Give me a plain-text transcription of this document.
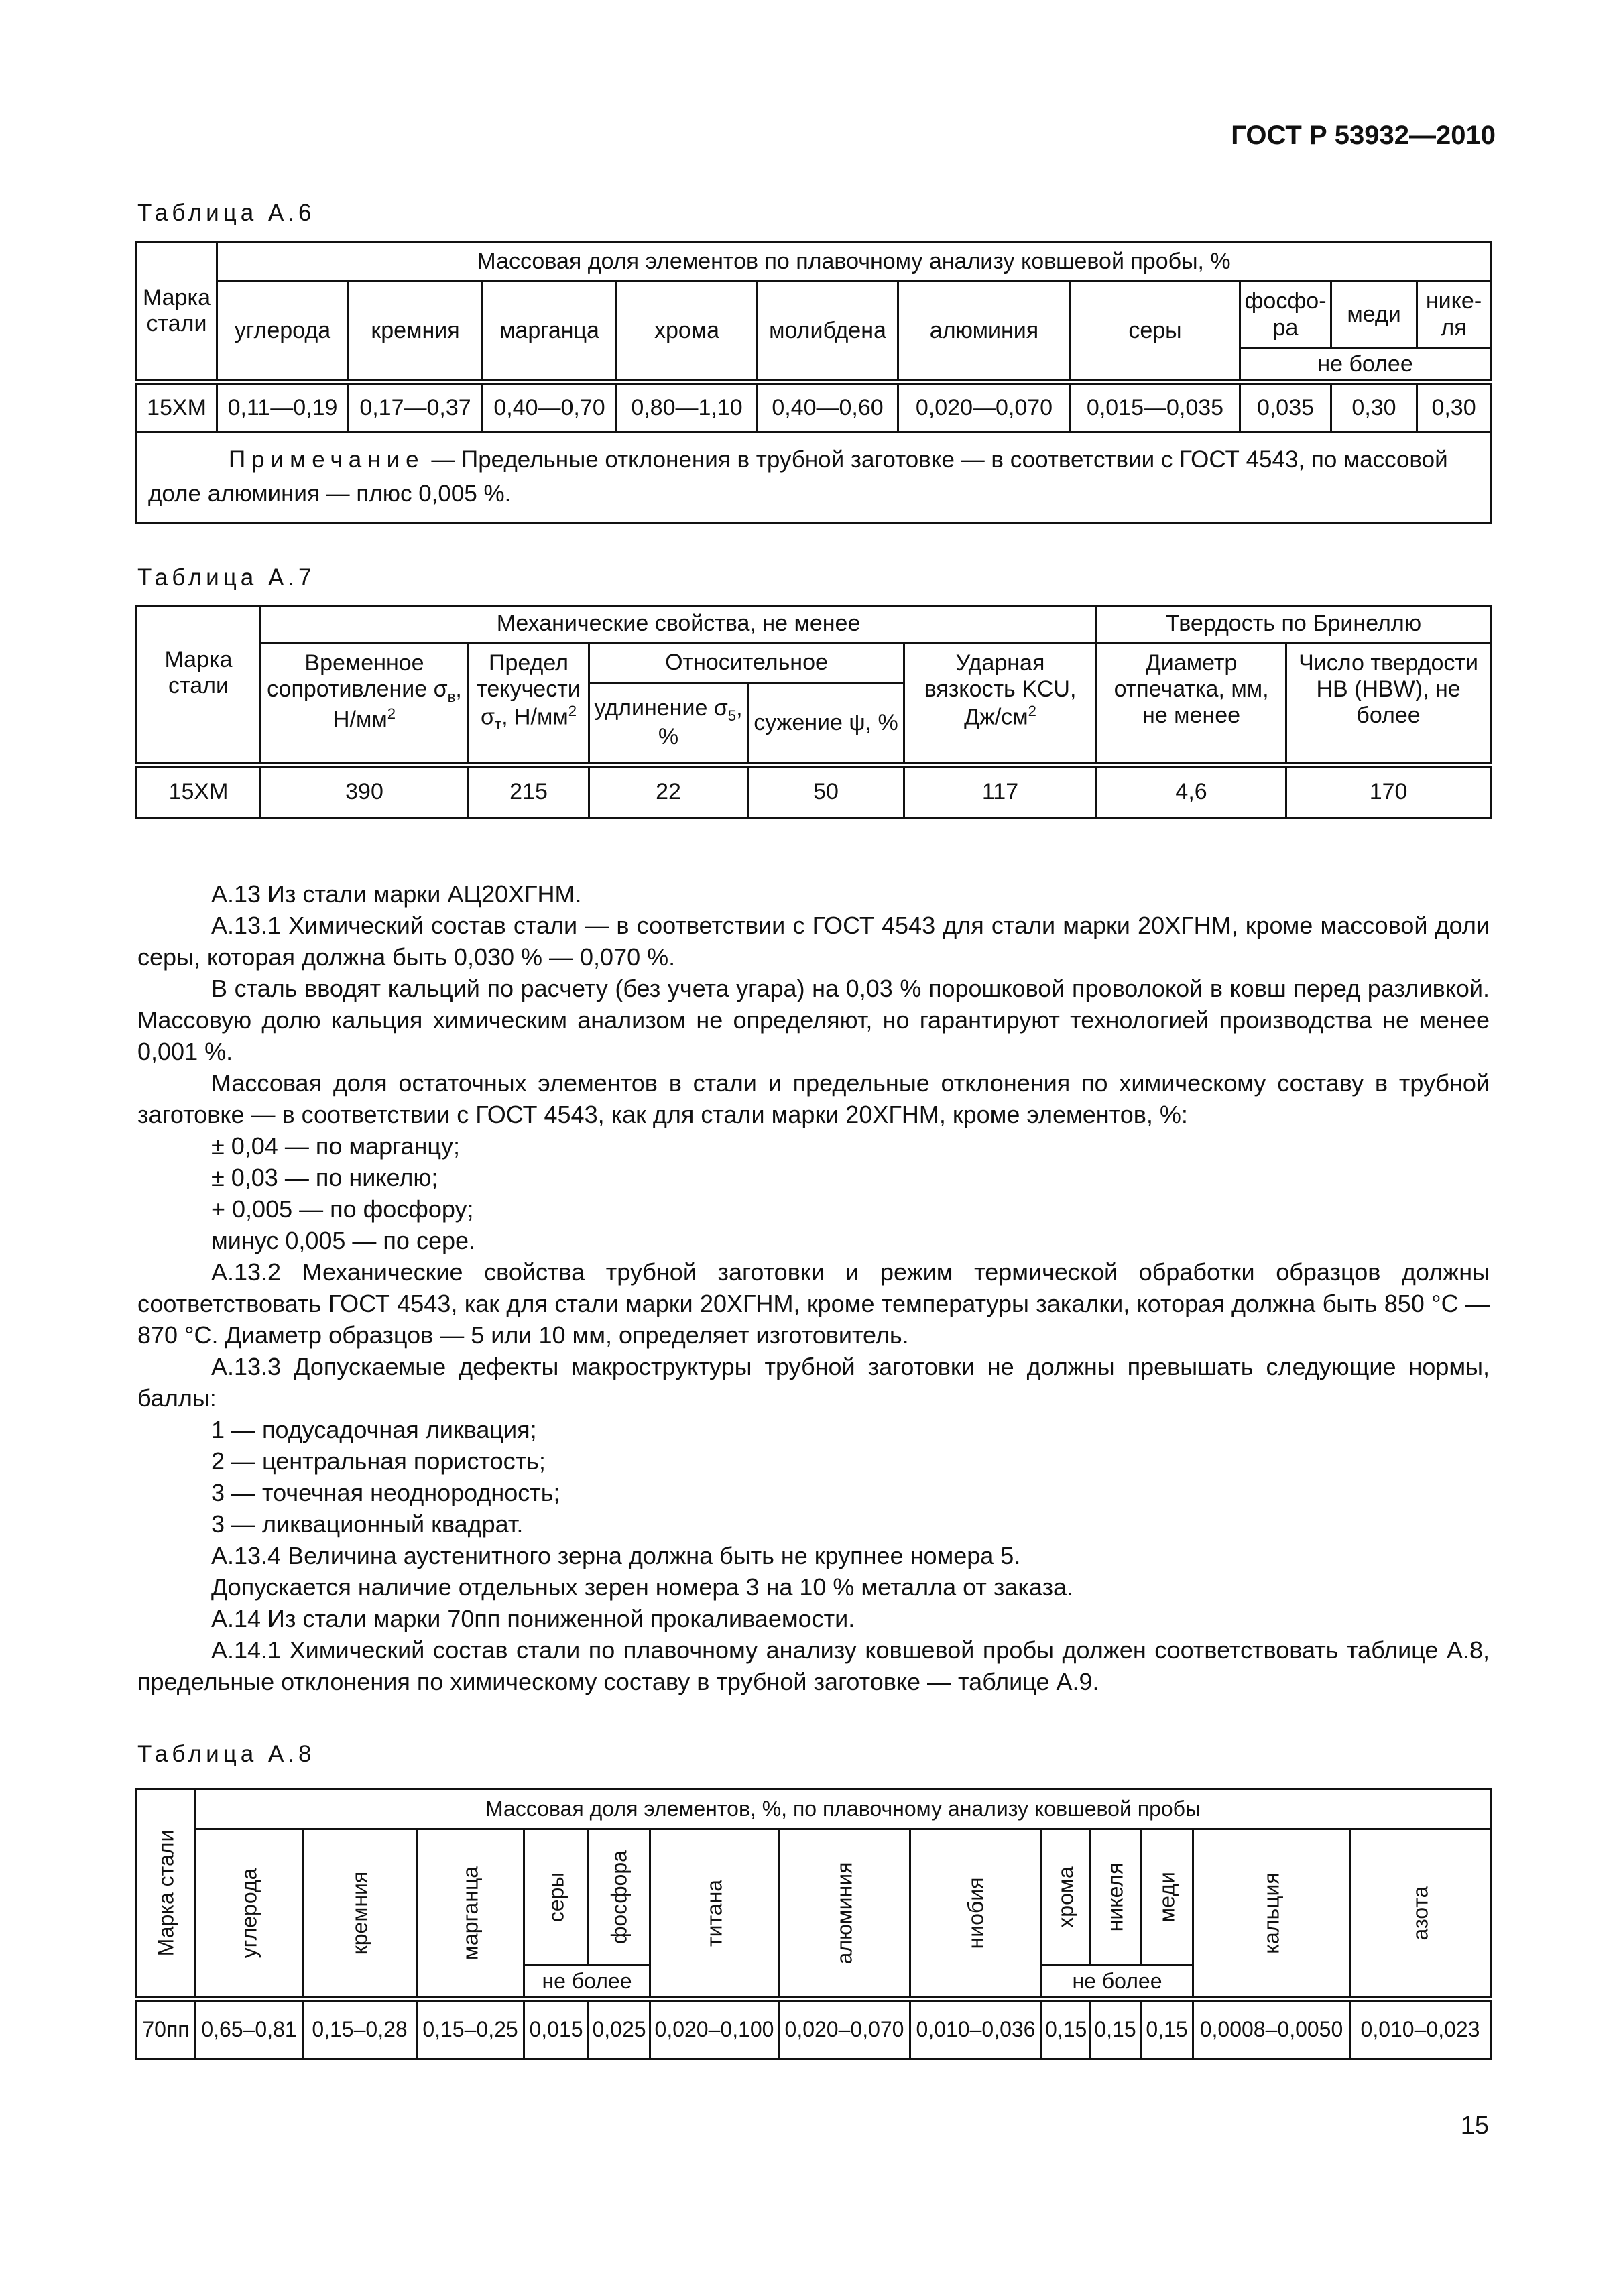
ГОСТ Р 53932—2010
Таблица А.6
Марка стали	Массовая доля элементов по плавочному анализу ковшевой пробы, %									
	углерода	кремния	марганца	хрома	молибдена	алюминия	серы	фосфо-ра	меди	нике-ля
								не более		
15ХМ	0,11—0,19	0,17—0,37	0,40—0,70	0,80—1,10	0,40—0,60	0,020—0,070	0,015—0,035	0,035	0,30	0,30
Примечание — Предельные отклонения в трубной заготовке — в соответствии с ГОСТ 4543, по массовой доле алюминия — плюс 0,005 %.										
Таблица А.7
Марка стали	Механические свойства, не менее					Твердость по Бринеллю	
	Временное сопротивление $\sigma_в$, $Н/мм^2$	Предел текучести $\sigma_т$, $Н/мм^2$	Относительное		Ударная вязкость KCU, $Дж/см^2$	Диаметр отпечатка, мм, не менее	Число твердости НВ (HBW), не более
			удлинение $\sigma_5$, %	сужение ψ, %			
15ХМ	390	215	22	50	117	4,6	170

А.13 Из стали марки АЦ20ХГНМ.

А.13.1 Химический состав стали — в соответствии с ГОСТ 4543 для стали марки 20ХГНМ, кроме массовой доли серы, которая должна быть 0,030 % — 0,070 %.

В сталь вводят кальций по расчету (без учета угара) на 0,03 % порошковой проволокой в ковш перед разливкой. Массовую долю кальция химическим анализом не определяют, но гарантируют технологией производства не менее 0,001 %.

Массовая доля остаточных элементов в стали и предельные отклонения по химическому составу в трубной заготовке — в соответствии с ГОСТ 4543, как для стали марки 20ХГНМ, кроме элементов, %:

± 0,04 — по марганцу;

± 0,03 — по никелю;

+ 0,005 — по фосфору;

минус 0,005 — по сере.

А.13.2 Механические свойства трубной заготовки и режим термической обработки образцов должны соответствовать ГОСТ 4543, как для стали марки 20ХГНМ, кроме температуры закалки, которая должна быть 850 °С — 870 °С. Диаметр образцов — 5 или 10 мм, определяет изготовитель.

А.13.3 Допускаемые дефекты макроструктуры трубной заготовки не должны превышать следующие нормы, баллы:

1 — подусадочная ликвация;

2 — центральная пористость;

3 — точечная неоднородность;

3 — ликвационный квадрат.

А.13.4 Величина аустенитного зерна должна быть не крупнее номера 5.

Допускается наличие отдельных зерен номера 3 на 10 % металла от заказа.

А.14 Из стали марки 70пп пониженной прокаливаемости.

А.14.1 Химический состав стали по плавочному анализу ковшевой пробы должен соответствовать таблице А.8, предельные отклонения по химическому составу в трубной заготовке — таблице А.9.

Таблица А.8
Марка стали	Массовая доля элементов, %, по плавочному анализу ковшевой пробы												

	углерода	кремния	марганца	серы	фосфора	титана	алюминия	ниобия	хрома	никеля	меди	кальция	азота

				не более					не более				
70пп	0,65–0,81	0,15–0,28	0,15–0,25	0,015	0,025	0,020–0,100	0,020–0,070	0,010–0,036	0,15	0,15	0,15	0,0008–0,0050	0,010–0,023
15
